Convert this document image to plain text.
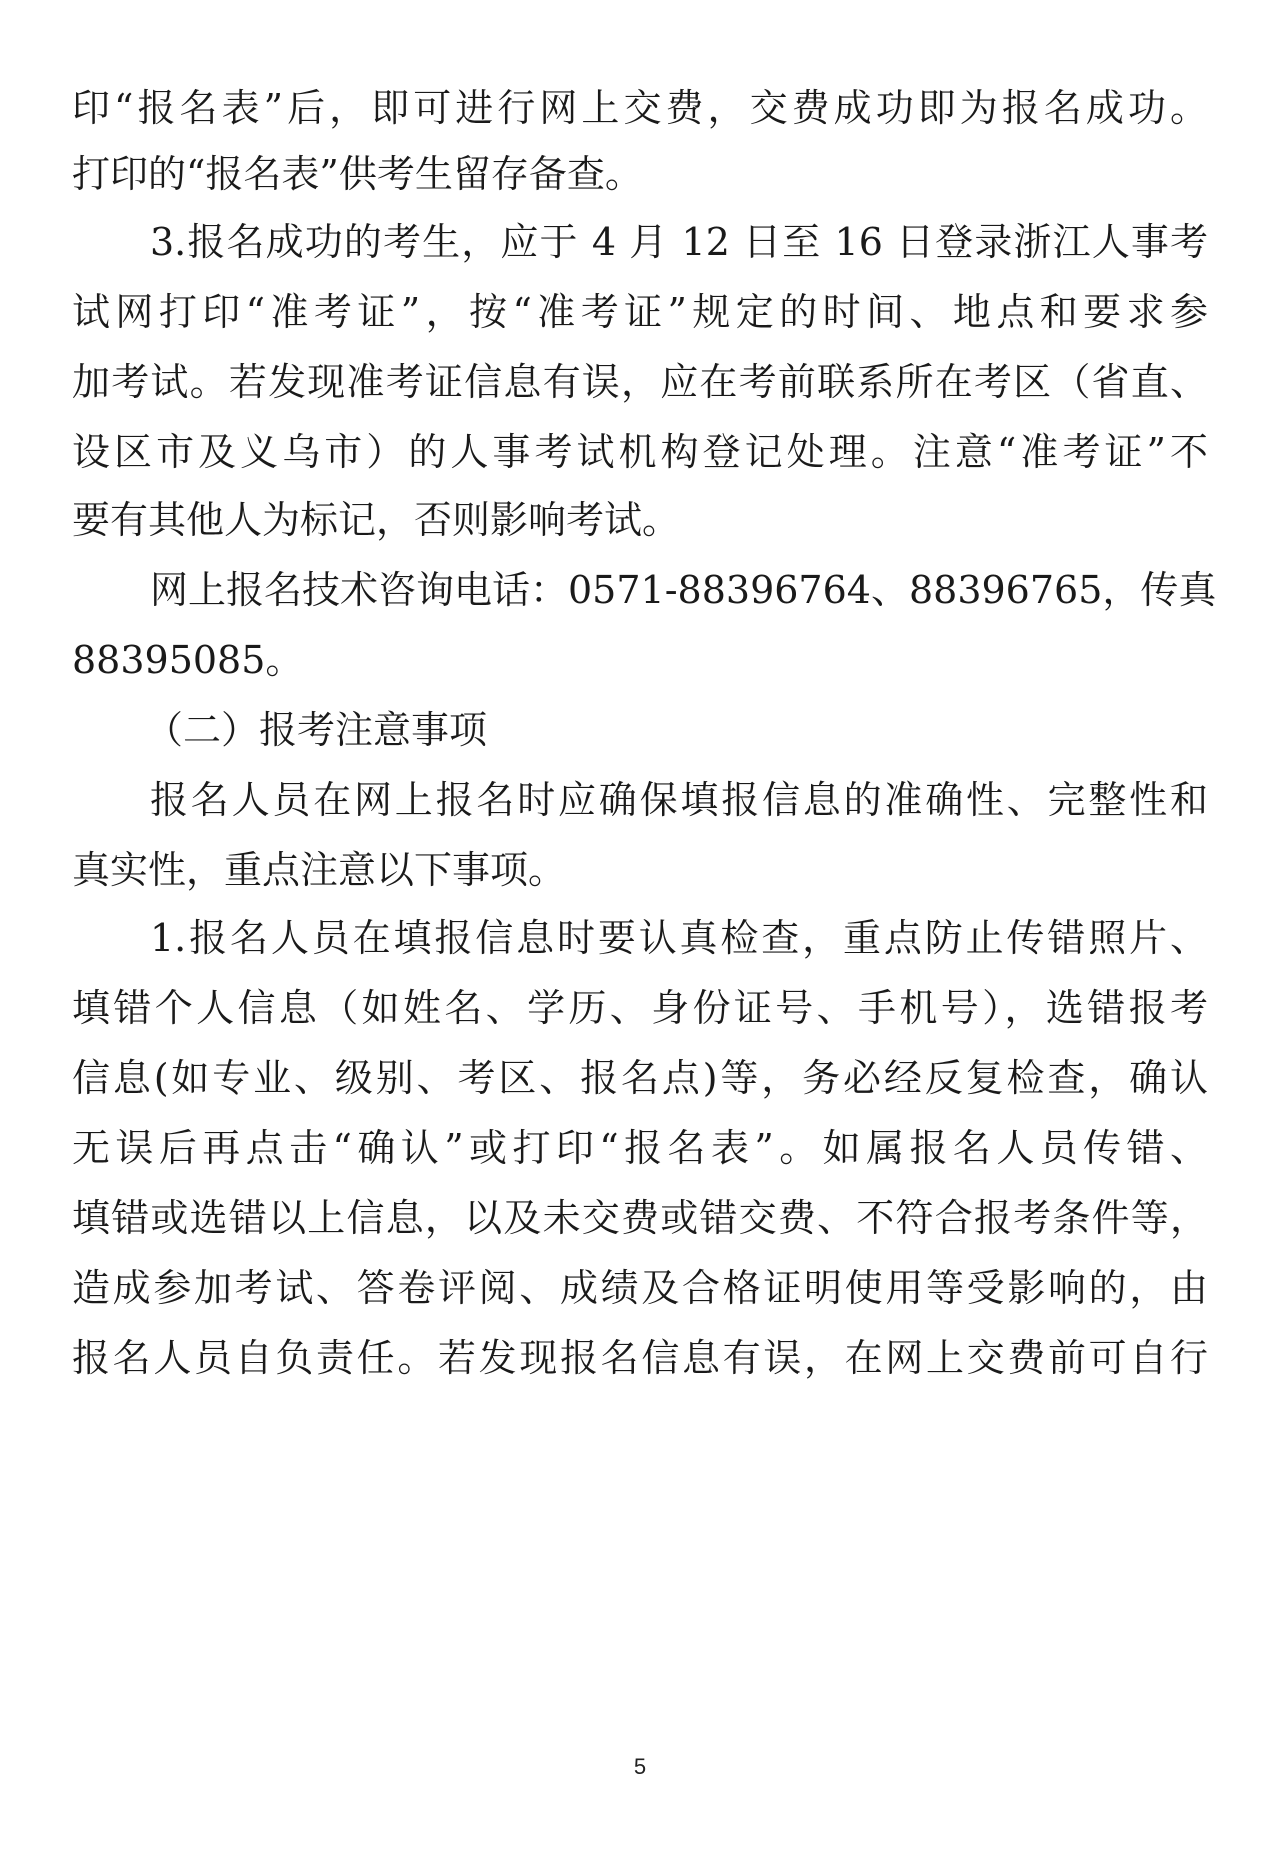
印“报名表”后，即可进行网上交费，交费成功即为报名成功。
打印的“报名表”供考生留存备查。
3.报名成功的考生，应于 4 月 12 日至 16 日登录浙江人事考
试网打印“准考证”，按“准考证”规定的时间、地点和要求参
加考试。若发现准考证信息有误，应在考前联系所在考区（省直、
设区市及义乌市）的人事考试机构登记处理。注意“准考证”不
要有其他人为标记，否则影响考试。
网上报名技术咨询电话：0571-88396764、88396765，传真
88395085。
（二）报考注意事项
报名人员在网上报名时应确保填报信息的准确性、完整性和
真实性，重点注意以下事项。
1.报名人员在填报信息时要认真检查，重点防止传错照片、
填错个人信息（如姓名、学历、身份证号、手机号），选错报考
信息(如专业、级别、考区、报名点)等，务必经反复检查，确认
无误后再点击“确认”或打印“报名表”。如属报名人员传错、
填错或选错以上信息，以及未交费或错交费、不符合报考条件等，
造成参加考试、答卷评阅、成绩及合格证明使用等受影响的，由
报名人员自负责任。若发现报名信息有误，在网上交费前可自行
5
